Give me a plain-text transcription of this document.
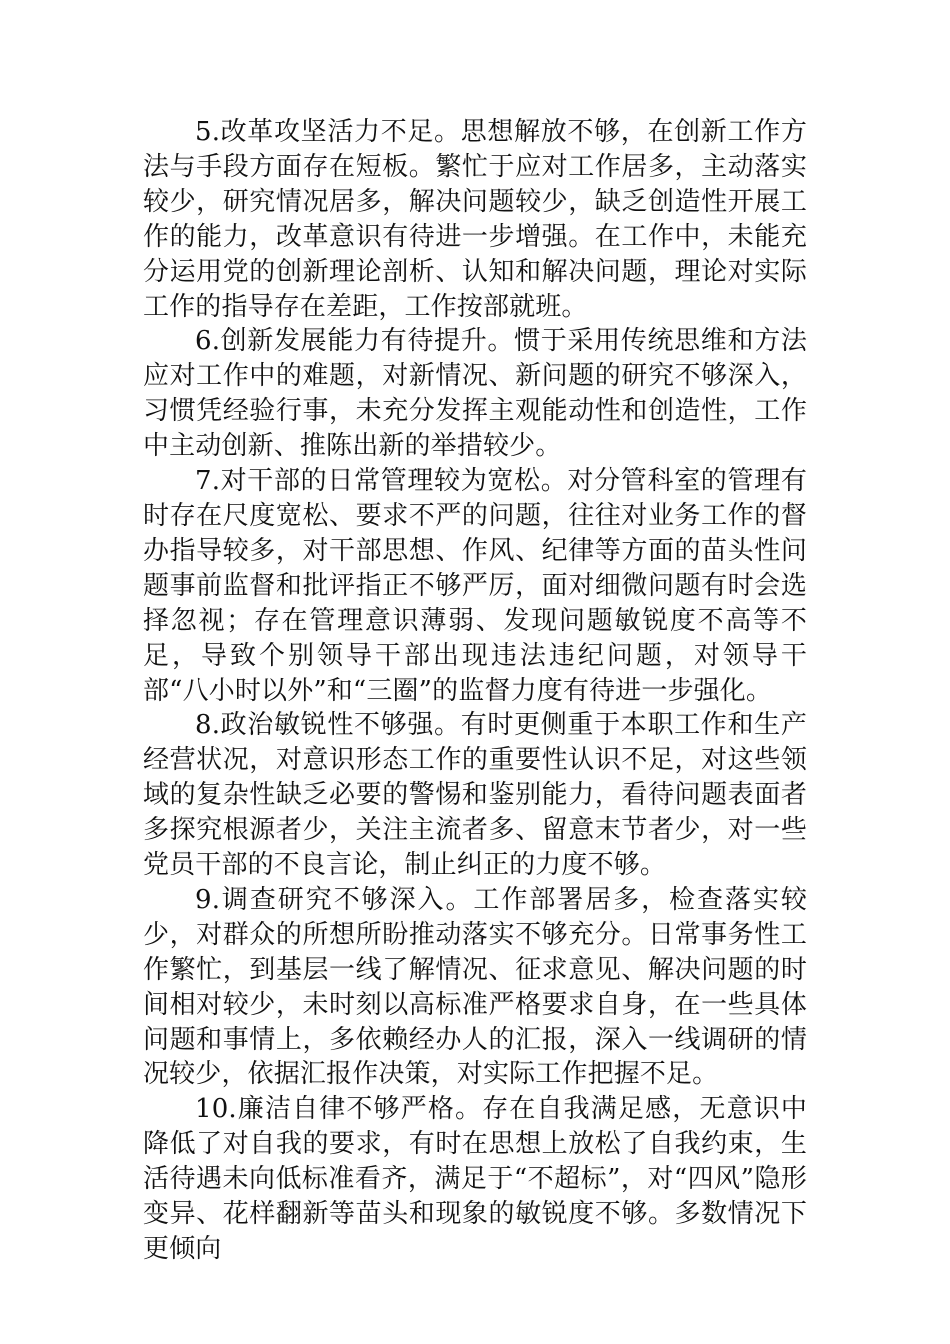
5.改革攻坚活力不足。思想解放不够，在创新工作方法与手段方面存在短板。繁忙于应对工作居多，主动落实较少，研究情况居多，解决问题较少，缺乏创造性开展工作的能力，改革意识有待进一步增强。在工作中，未能充分运用党的创新理论剖析、认知和解决问题，理论对实际工作的指导存在差距，工作按部就班。

6.创新发展能力有待提升。惯于采用传统思维和方法应对工作中的难题，对新情况、新问题的研究不够深入，习惯凭经验行事，未充分发挥主观能动性和创造性，工作中主动创新、推陈出新的举措较少。

7.对干部的日常管理较为宽松。对分管科室的管理有时存在尺度宽松、要求不严的问题，往往对业务工作的督办指导较多，对干部思想、作风、纪律等方面的苗头性问题事前监督和批评指正不够严厉，面对细微问题有时会选择忽视；存在管理意识薄弱、发现问题敏锐度不高等不足，导致个别领导干部出现违法违纪问题，对领导干部“八小时以外”和“三圈”的监督力度有待进一步强化。

8.政治敏锐性不够强。有时更侧重于本职工作和生产经营状况，对意识形态工作的重要性认识不足，对这些领域的复杂性缺乏必要的警惕和鉴别能力，看待问题表面者多探究根源者少，关注主流者多、留意末节者少，对一些党员干部的不良言论，制止纠正的力度不够。

9.调查研究不够深入。工作部署居多，检查落实较少，对群众的所想所盼推动落实不够充分。日常事务性工作繁忙，到基层一线了解情况、征求意见、解决问题的时间相对较少，未时刻以高标准严格要求自身，在一些具体问题和事情上，多依赖经办人的汇报，深入一线调研的情况较少，依据汇报作决策，对实际工作把握不足。

10.廉洁自律不够严格。存在自我满足感，无意识中降低了对自我的要求，有时在思想上放松了自我约束，生活待遇未向低标准看齐，满足于“不超标”，对“四风”隐形变异、花样翻新等苗头和现象的敏锐度不够。多数情况下更倾向
